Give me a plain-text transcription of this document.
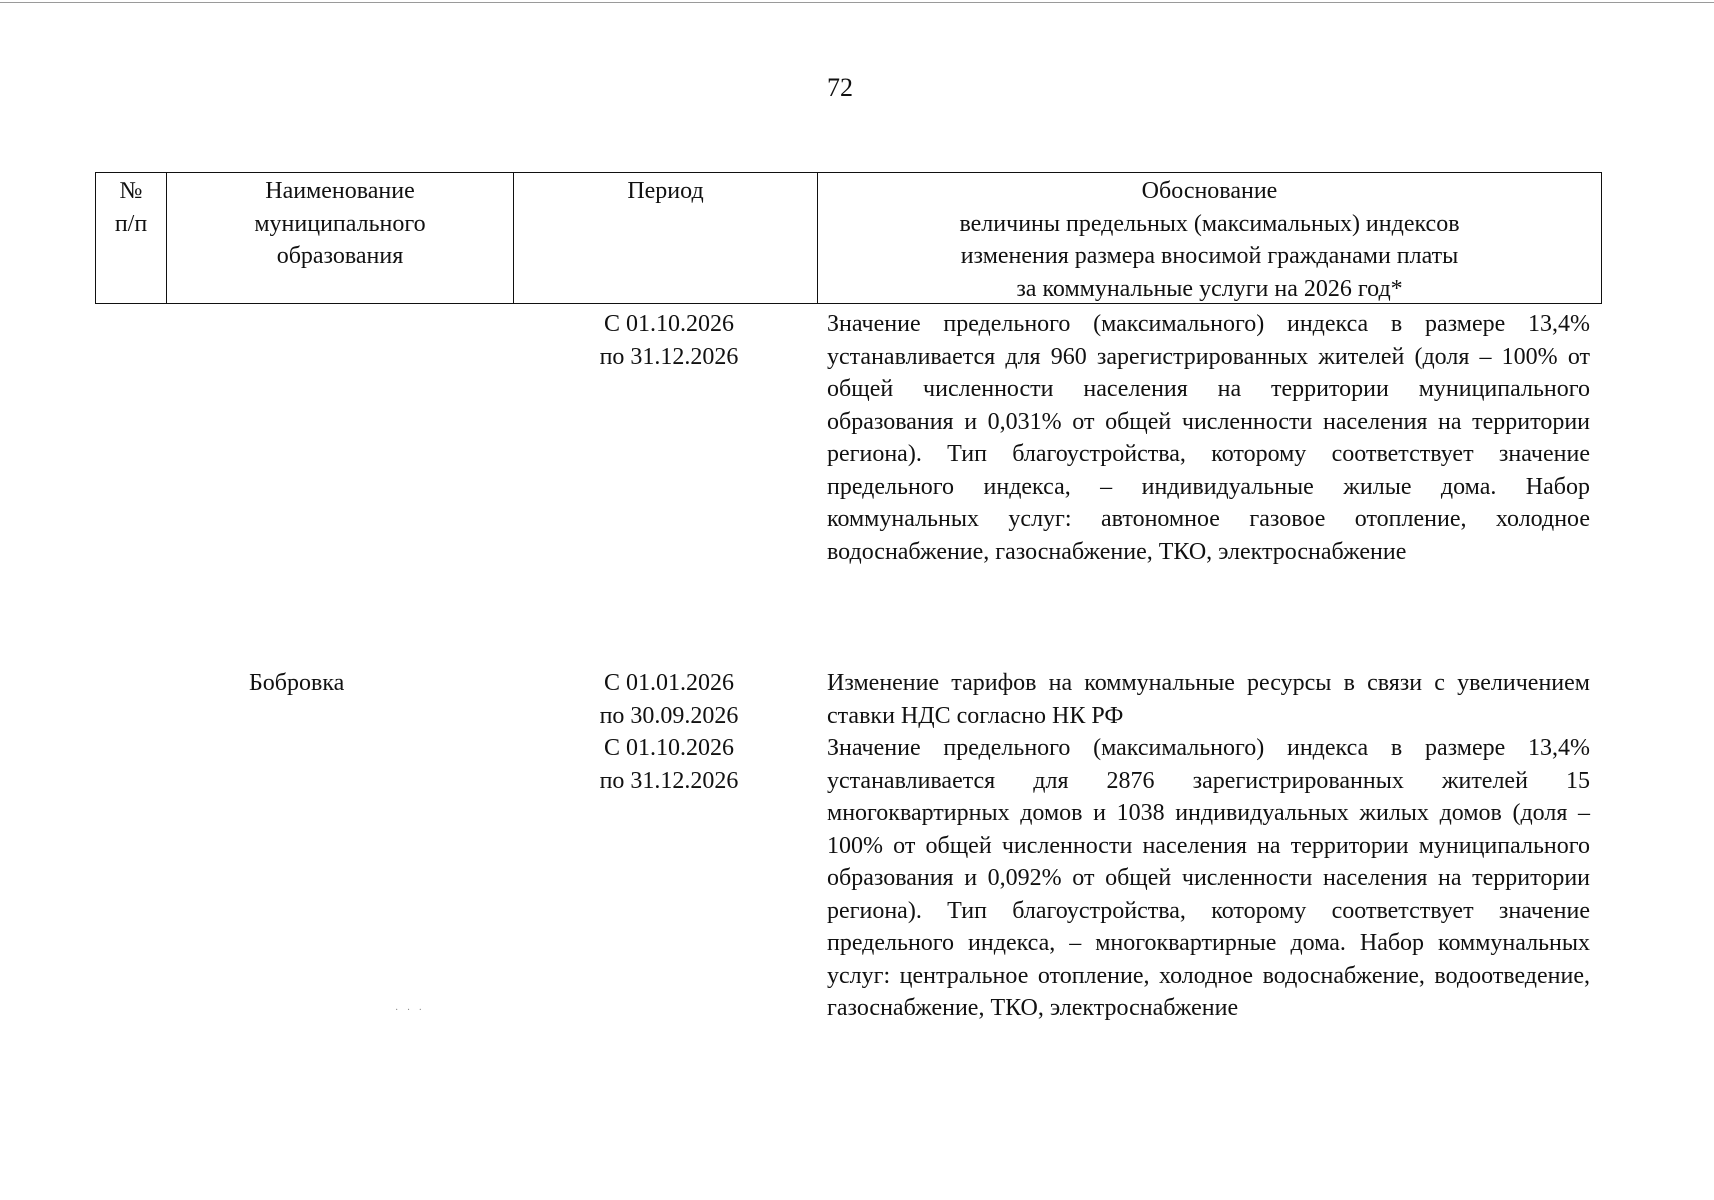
72
№
п/п
Наименование
муниципального
образования
Период	Обоснование
величины предельных (максимальных) индексов
изменения размера вносимой гражданами платы
за коммунальные услуги на 2026 год*
С 01.10.2026
по 31.12.2026

Значение предельного (максимального) индекса в размере 13,4% устанавливается для 960 зарегистрированных жителей (доля – 100% от общей численности населения на территории муниципального образования и 0,031% от общей численности населения на территории региона). Тип благоустройства, которому соответствует значение предельного индекса, – индивидуальные жилые дома. Набор коммунальных услуг: автономное газовое отопление, холодное водоснабжение, газоснабжение, ТКО, электроснабжение

Бобровка	С 01.01.2026
по 30.09.2026
С 01.10.2026
по 31.12.2026

Изменение тарифов на коммунальные ресурсы в связи с увеличением ставки НДС согласно НК РФ

Значение предельного (максимального) индекса в размере 13,4% устанавливается для 2876 зарегистрированных жителей 15 многоквартирных домов и 1038 индивидуальных жилых домов (доля – 100% от общей численности населения на территории муниципального образования и 0,092% от общей численности населения на территории региона). Тип благоустройства, которому соответствует значение предельного индекса, – многоквартирные дома. Набор коммунальных услуг: центральное отопление, холодное водоснабжение, водоотведение, газоснабжение, ТКО, электроснабжение

· · ·
